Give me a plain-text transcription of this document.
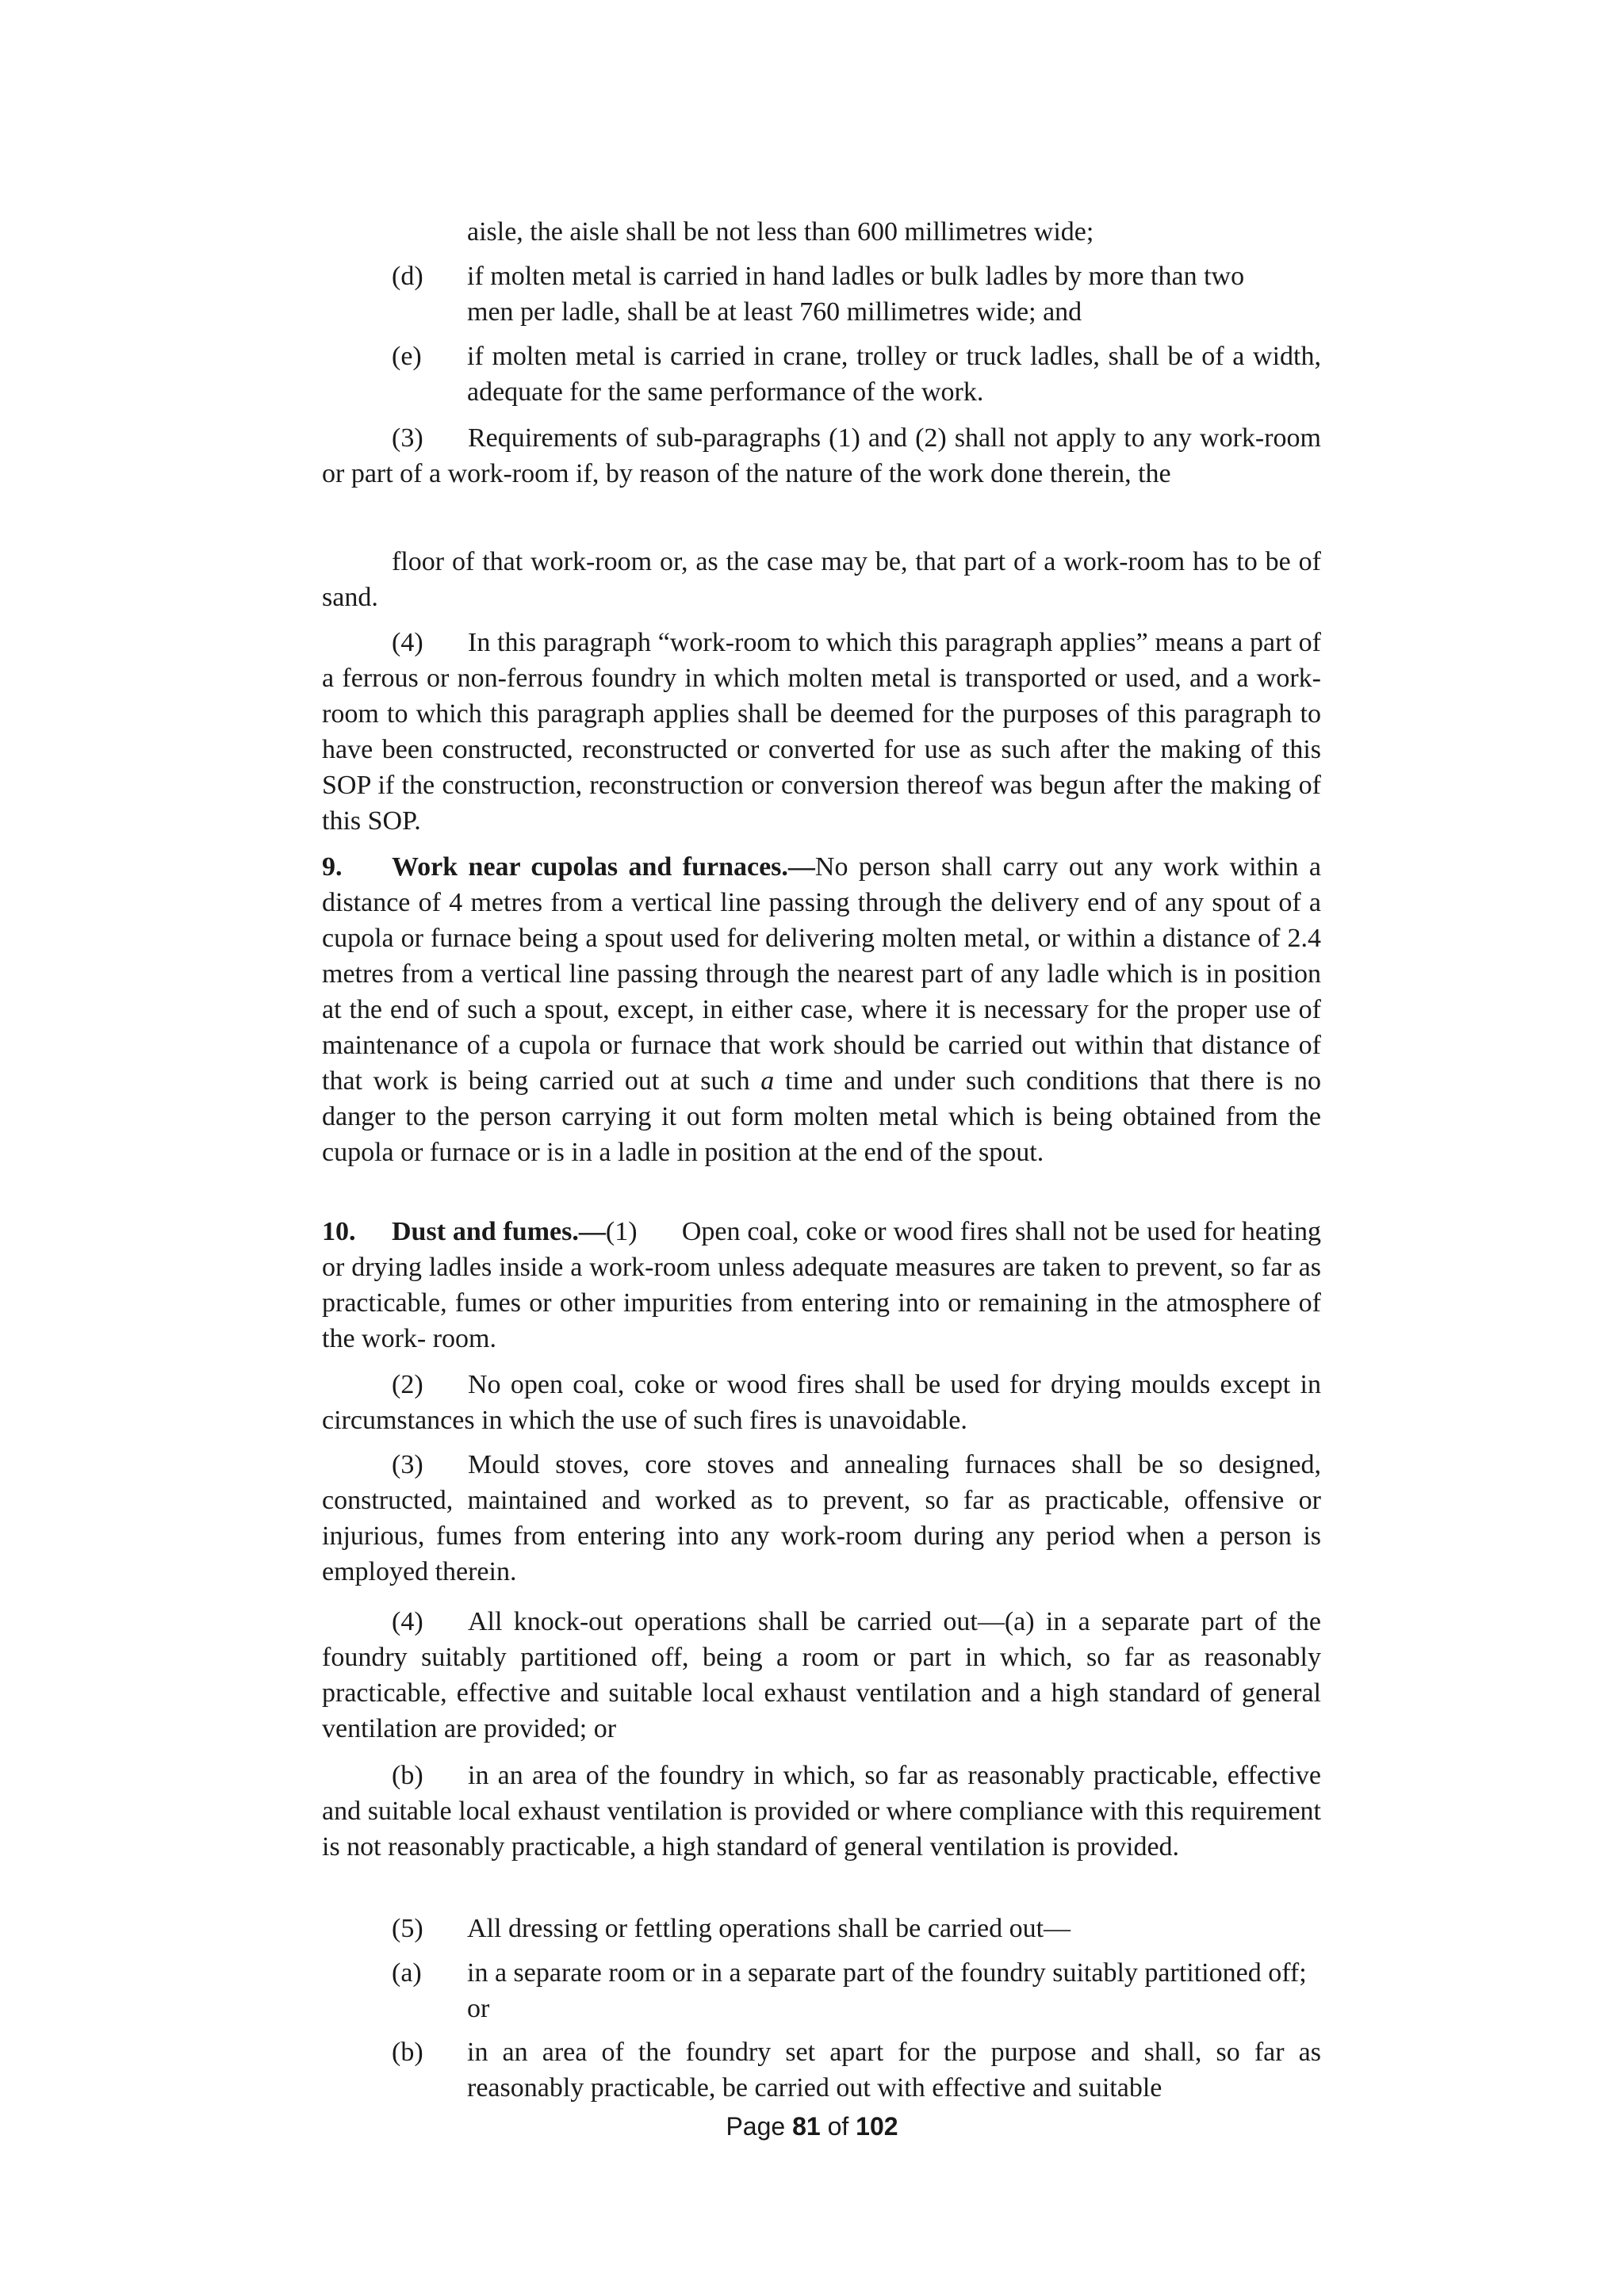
aisle, the aisle shall be not less than 600 millimetres wide;

(d) if molten metal is carried in hand ladles or bulk ladles by more than two men per ladle, shall be at least 760 millimetres wide; and
(e) if molten metal is carried in crane, trolley or truck ladles, shall be of a width, adequate for the same performance of the work.
(3) Requirements of sub-paragraphs (1) and (2) shall not apply to any work-room or part of a work-room if, by reason of the nature of the work done therein, the

floor of that work-room or, as the case may be, that part of a work-room has to be of sand.

(4) In this paragraph “work-room to which this paragraph applies” means a part of a ferrous or non-ferrous foundry in which molten metal is transported or used, and a work-room to which this paragraph applies shall be deemed for the purposes of this paragraph to have been constructed, reconstructed or converted for use as such after the making of this SOP if the construction, reconstruction or conversion thereof was begun after the making of this SOP.
9. Work near cupolas and furnaces.—No person shall carry out any work within a distance of 4 metres from a vertical line passing through the delivery end of any spout of a cupola or furnace being a spout used for delivering molten metal, or within a distance of 2.4 metres from a vertical line passing through the nearest part of any ladle which is in position at the end of such a spout, except, in either case, where it is necessary for the proper use of maintenance of a cupola or furnace that work should be carried out within that distance of that work is being carried out at such a time and under such conditions that there is no danger to the person carrying it out form molten metal which is being obtained from the cupola or furnace or is in a ladle in position at the end of the spout.
10. Dust and fumes.—(1) Open coal, coke or wood fires shall not be used for heating or drying ladles inside a work-room unless adequate measures are taken to prevent, so far as practicable, fumes or other impurities from entering into or remaining in the atmosphere of the work- room.
(2) No open coal, coke or wood fires shall be used for drying moulds except in circumstances in which the use of such fires is unavoidable.
(3) Mould stoves, core stoves and annealing furnaces shall be so designed, constructed, maintained and worked as to prevent, so far as practicable, offensive or injurious, fumes from entering into any work-room during any period when a person is employed therein.
(4) All knock-out operations shall be carried out—(a) in a separate part of the foundry suitably partitioned off, being a room or part in which, so far as reasonably practicable, effective and suitable local exhaust ventilation and a high standard of general ventilation are provided; or
(b) in an area of the foundry in which, so far as reasonably practicable, effective and suitable local exhaust ventilation is provided or where compliance with this requirement is not reasonably practicable, a high standard of general ventilation is provided.
(5) All dressing or fettling operations shall be carried out—
(a) in a separate room or in a separate part of the foundry suitably partitioned off; or
(b) in an area of the foundry set apart for the purpose and shall, so far as reasonably practicable, be carried out with effective and suitable
Page 81 of 102
